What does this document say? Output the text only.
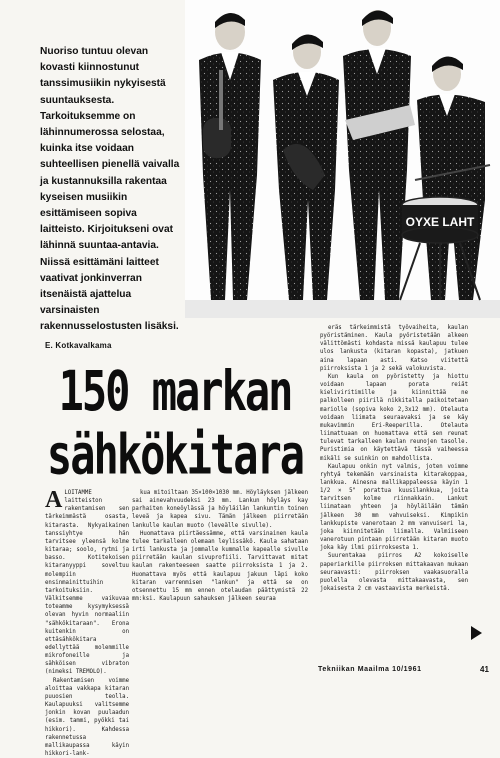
Nuoriso tuntuu olevan kovasti kiinnostunut tanssimusiikin nykyisestä suuntauksesta. Tarkoituksemme on lähinnumerossa selostaa, kuinka itse voidaan suhteellisen pienellä vaivalla ja kustannuksilla rakentaa kyseisen musiikin esittämiseen sopiva laitteisto. Kirjoitukseni ovat lähinnä suuntaa-antavia. Niissä esittämäni laitteet vaativat jonkinverran itsenäistä ajattelua varsinaisten rakennusselostusten lisäksi.

OYXE LAHT
E. Kotkavalkama
150 markan
sähkökitara

ALOITAMME laitteiston rakentamisen sen tärkeimmästä osasta, kitarasta. Nykyaikainen tanssiyhtye hän tarvitsee yleensä kolme kitaraa; soolo, rytmi ja basso. Kotitekoisen kitaranyyppi soveltuu molempiin ensinmainittuihin tarkoituksiin. Välkitsemme vaikuvaa toteamme kysymyksessä olevan hyvin normaaliin "sähkökitaraan". Erona kuitenkin on ettäsähkökitara edellyttää molemmille mikrofoneille ja sähköisen vibraton (nimeksi TREMOLO).

Rakentamisen voimme aloittaa vakkapa kitaran puuosien teolla. Kaulapuuksi valitsemme jonkin kovan puulaadun (esim. tammi, pyökki tai hikkori). Kahdessa rakennetussa mallikaupassa käyin hikkori-lank-

kua mitoiltaan 35×100×1030 mm. Höyläyksen jälkeen sai ainevahvuudeksi 23 mm. Lankun höyläys kay parhaiten koneöylässä ja höyläilän lankuntin toinen leveä ja kapea sivu. Tämän jälkeen piirretään lankulle kaulan muoto (leveälle sivulle).

Huomattava piirtäessämme, että varsinainen kaula tulee tarkalleen olemaan leylissäkö. Kaula sahataan irti lankusta ja jommalle kummalle kapealle sivulle piirretään kaulan sivuprofiili. Tarvittavat mitat kaulan rakenteeseen saatte piirroksista 1 ja 2. Huomattava myös että kaulapuu jakuun läpi koko kitaran varrenmisen "lankun" ja että se on otsennettu 15 mm ennen otelaudan päättymistä 22 mm:ksi. Kaulapuun sahauksen jälkeen seuraa

eräs tärkeimmistä työvaiheita, kaulan pyöristäminen. Kaula pyöristetään alkeen välittömästi kohdasta missä kaulapuu tulee ulos lankusta (kitaran kopasta), jatkuen aina lapaan asti. Katso viitettä piirroksista 1 ja 2 sekä valokuvista.

Kun kaula on pyöristetty ja hiottu voidaan lapaan porata reiät kieliviritimille ja kiinnittää ne palkolleen piirilä nikkitalla paikoitetaan mariolle (sopiva koko 2,3x12 mm). Otelauta voidaan liimata seuraavaksi ja se käy mukavimmin Eri-Reeperilla. Otelauta liimattuaan on huomattava että sen reunat tulevat tarkalleen kaulan reunojen tasolle. Puristimia on käytettävä tässä vaiheessa mikäli se suinkin on mahdollista.

Kaulapuu onkin nyt valmis, joten voimme ryhtyä tekemään varsinaista kitarakoppaa, lankkua. Ainesna mallikappaleessa käyin 1 1/2 × 5" porattua kuusilankkua, joita tarvitsen kolme riinnakkain. Lankut liimataan yhteen ja höyläilään tämän jälkeen 30 mm vahvuiseksi. Kimpikin lankkupiste vanerotaan 2 mm vanvuiseri la, joka kiinnitetään liimalla. Valmiiseen vanerotuun pintaan piirretään kitaran muoto joka käy ilmi piirroksesta 1.

Suurentakaa piirros A2 kokoiselle paperiarkille piirroksen mittakaavan mukaan seuraavasti: piirroksen vaakasuoralla puolella olevasta mittakaavasta, sen jokaisesta 2 cm vastaavista merkeistä.

Tekniikan Maailma 10/1961	41
